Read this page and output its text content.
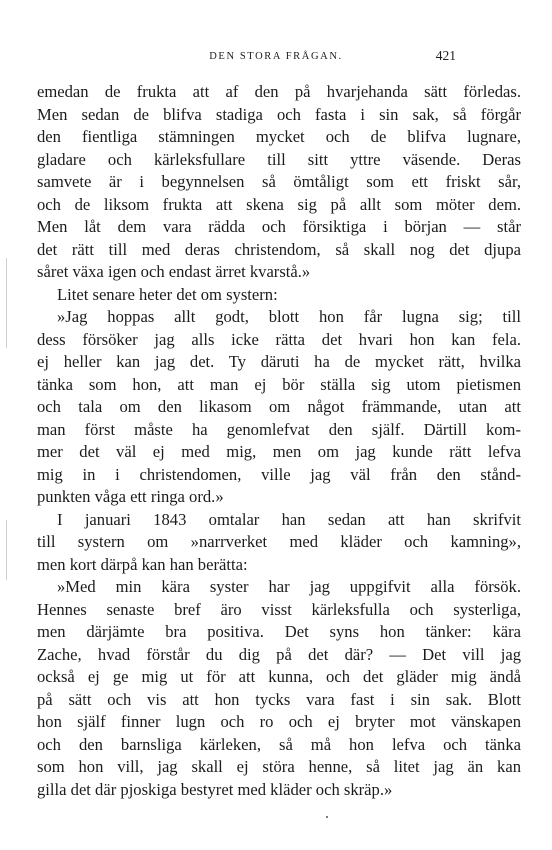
DEN STORA FRÅGAN.	421
emedan de frukta att af den på hvarjehanda sätt förledas.
Men sedan de blifva stadiga och fasta i sin sak, så förgår
den fientliga stämningen mycket och de blifva lugnare,
gladare och kärleksfullare till sitt yttre väsende. Deras
samvete är i begynnelsen så ömtåligt som ett friskt sår,
och de liksom frukta att skena sig på allt som möter dem.
Men låt dem vara rädda och försiktiga i början — står
det rätt till med deras christendom, så skall nog det djupa
såret växa igen och endast ärret kvarstå.»
Litet senare heter det om systern:
»Jag hoppas allt godt, blott hon får lugna sig; till
dess försöker jag alls icke rätta det hvari hon kan fela.
ej heller kan jag det. Ty däruti ha de mycket rätt, hvilka
tänka som hon, att man ej bör ställa sig utom pietismen
och tala om den likasom om något främmande, utan att
man först måste ha genomlefvat den själf. Därtill kom-
mer det väl ej med mig, men om jag kunde rätt lefva
mig in i christendomen, ville jag väl från den stånd-
punkten våga ett ringa ord.»
I januari 1843 omtalar han sedan att han skrifvit
till systern om »narrverket med kläder och kamning»,
men kort därpå kan han berätta:
»Med min kära syster har jag uppgifvit alla försök.
Hennes senaste bref äro visst kärleksfulla och systerliga,
men därjämte bra positiva. Det syns hon tänker: kära
Zache, hvad förstår du dig på det där? — Det vill jag
också ej ge mig ut för att kunna, och det gläder mig ändå
på sätt och vis att hon tycks vara fast i sin sak. Blott
hon själf finner lugn och ro och ej bryter mot vänskapen
och den barnsliga kärleken, så må hon lefva och tänka
som hon vill, jag skall ej störa henne, så litet jag än kan
gilla det där pjoskiga bestyret med kläder och skräp.»
